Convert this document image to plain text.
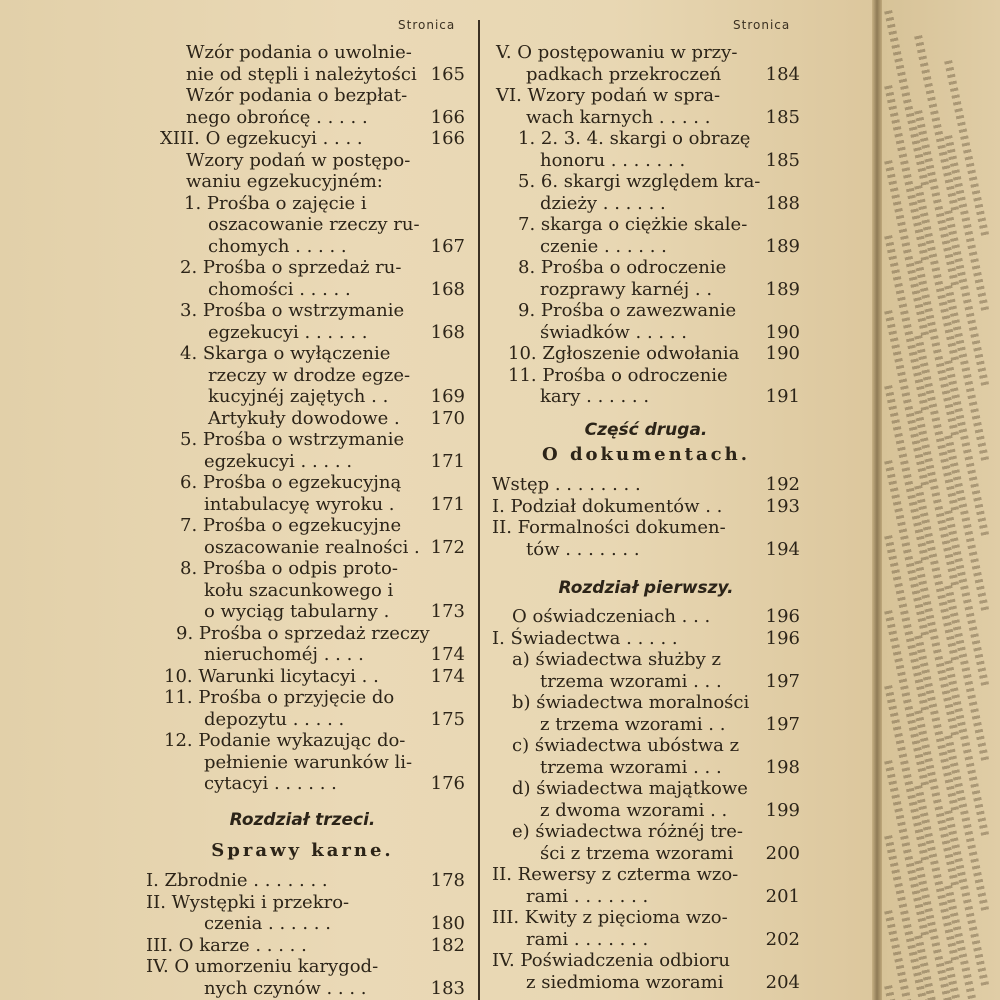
Stronica	Stronica
Wzór podania o uwolnie-
nie od stępli i należytości 165
Wzór podania o bezpłat-
nego obrońcę . . . . .	166
XIII. O egzekucyi . . . .	166
Wzory podań w postępo-
waniu egzekucyjném:
1. Prośba o zajęcie i
oszacowanie rzeczy ru-
chomych . . . . .	167
2. Prośba o sprzedaż ru-
chomości . . . . .	168
3. Prośba o wstrzymanie
egzekucyi . . . . . .	168
4. Skarga o wyłączenie
rzeczy w drodze egze-
kucyjnéj zajętych . . 169
Artykuły dowodowe . 170
5. Prośba o wstrzymanie
egzekucyi . . . . .	171
6. Prośba o egzekucyjną
intabulacyę wyroku . 171
7. Prośba o egzekucyjne
oszacowanie realności . 172
8. Prośba o odpis proto-
kołu szacunkowego i
o wyciąg tabularny . 173
9. Prośba o sprzedaż rzeczy
nieruchoméj . . . .	174
10. Warunki licytacyi . .	174
11. Prośba o przyjęcie do
depozytu . . . . .	175
12. Podanie wykazując do-
pełnienie warunków li-
cytacyi . . . . . .	176
Rozdział trzeci.
Sprawy karne.
I. Zbrodnie . . . . . . .	178
II. Występki i przekro-
czenia . . . . . .	180
III. O karze . . . . .	182
IV. O umorzeniu karygod-
nych czynów . . . .	183
V. O postępowaniu w przy-
padkach przekroczeń 184
VI. Wzory podań w spra-
wach karnych . . . . .	185
1. 2. 3. 4. skargi o obrazę
honoru . . . . . . .	185
5. 6. skargi względem kra-
dzieży . . . . . .	188
7. skarga o ciężkie skale-
czenie . . . . . .	189
8. Prośba o odroczenie
rozprawy karnéj . .	189
9. Prośba o zawezwanie
świadków . . . . .	190
10. Zgłoszenie odwołania 190
11. Prośba o odroczenie
kary . . . . . .	191
Część druga.
O dokumentach.
Wstęp . . . . . . . .	192
I. Podział dokumentów . . 193
II. Formalności dokumen-
tów . . . . . . .	194
Rozdział pierwszy.
O oświadczeniach . . .	196
I. Świadectwa . . . . .	196
a) świadectwa służby z
trzema wzorami . . . 197
b) świadectwa moralności
z trzema wzorami . . 197
c) świadectwa ubóstwa z
trzema wzorami . . . 198
d) świadectwa majątkowe
z dwoma wzorami . . 199
e) świadectwa różnéj tre-
ści z trzema wzorami 200
II. Rewersy z czterma wzo-
rami . . . . . . .	201
III. Kwity z pięcioma wzo-
rami . . . . . . .	202
IV. Poświadczenia odbioru
z siedmioma wzorami 204
